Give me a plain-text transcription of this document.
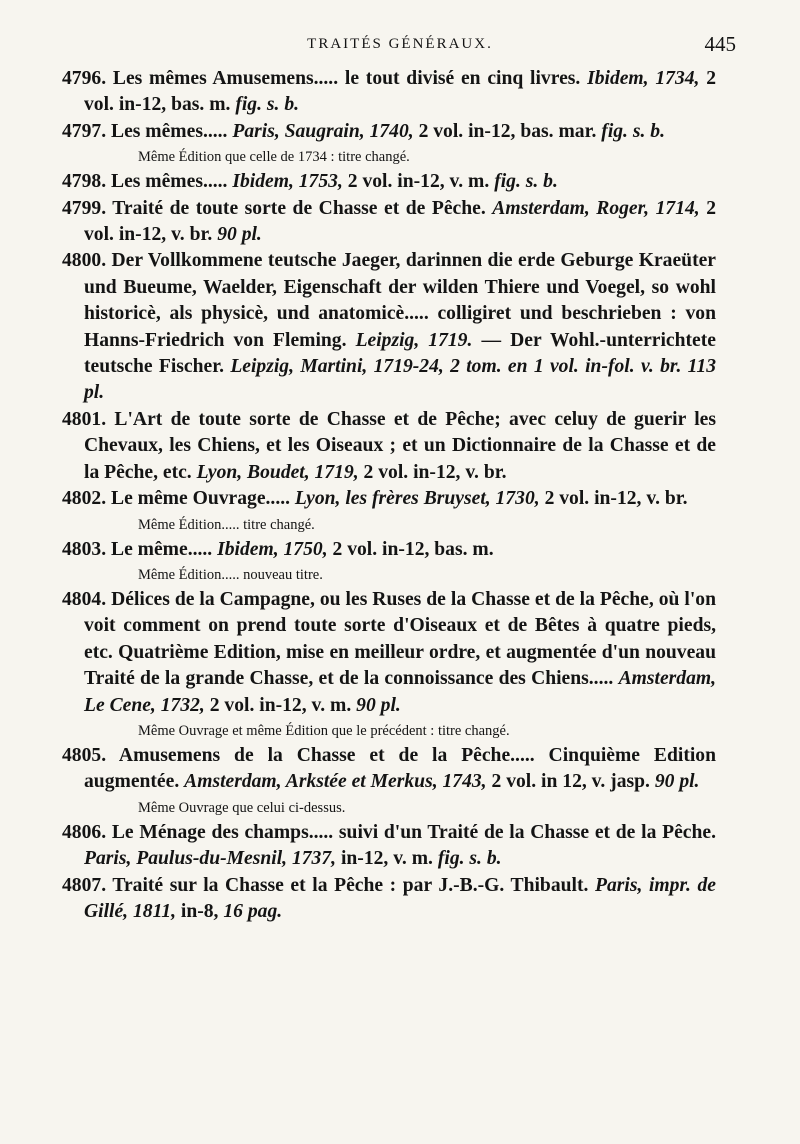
TRAITÉS GÉNÉRAUX.	445

4796. Les mêmes Amusemens..... le tout divisé en cinq livres. Ibidem, 1734, 2 vol. in-12, bas. m. fig. s. b.

4797. Les mêmes..... Paris, Saugrain, 1740, 2 vol. in-12, bas. mar. fig. s. b.

Même Édition que celle de 1734 : titre changé.

4798. Les mêmes..... Ibidem, 1753, 2 vol. in-12, v. m. fig. s. b.

4799. Traité de toute sorte de Chasse et de Pêche. Amsterdam, Roger, 1714, 2 vol. in-12, v. br. 90 pl.

4800. Der Vollkommene teutsche Jaeger, darinnen die erde Geburge Kraeüter und Bueume, Waelder, Eigenschaft der wilden Thiere und Voegel, so wohl historicè, als physicè, und anatomicè..... colligiret und beschrieben : von Hanns-Friedrich von Fleming. Leipzig, 1719. — Der Wohl.-unterrichtete teutsche Fischer. Leipzig, Martini, 1719-24, 2 tom. en 1 vol. in-fol. v. br. 113 pl.

4801. L'Art de toute sorte de Chasse et de Pêche; avec celuy de guerir les Chevaux, les Chiens, et les Oiseaux ; et un Dictionnaire de la Chasse et de la Pêche, etc. Lyon, Boudet, 1719, 2 vol. in-12, v. br.

4802. Le même Ouvrage..... Lyon, les frères Bruyset, 1730, 2 vol. in-12, v. br.

Même Édition..... titre changé.

4803. Le même..... Ibidem, 1750, 2 vol. in-12, bas. m.

Même Édition..... nouveau titre.

4804. Délices de la Campagne, ou les Ruses de la Chasse et de la Pêche, où l'on voit comment on prend toute sorte d'Oiseaux et de Bêtes à quatre pieds, etc. Quatrième Edition, mise en meilleur ordre, et augmentée d'un nouveau Traité de la grande Chasse, et de la connoissance des Chiens..... Amsterdam, Le Cene, 1732, 2 vol. in-12, v. m. 90 pl.

Même Ouvrage et même Édition que le précédent : titre changé.

4805. Amusemens de la Chasse et de la Pêche..... Cinquième Edition augmentée. Amsterdam, Arkstée et Merkus, 1743, 2 vol. in 12, v. jasp. 90 pl.

Même Ouvrage que celui ci-dessus.

4806. Le Ménage des champs..... suivi d'un Traité de la Chasse et de la Pêche. Paris, Paulus-du-Mesnil, 1737, in-12, v. m. fig. s. b.

4807. Traité sur la Chasse et la Pêche : par J.-B.-G. Thibault. Paris, impr. de Gillé, 1811, in-8, 16 pag.
